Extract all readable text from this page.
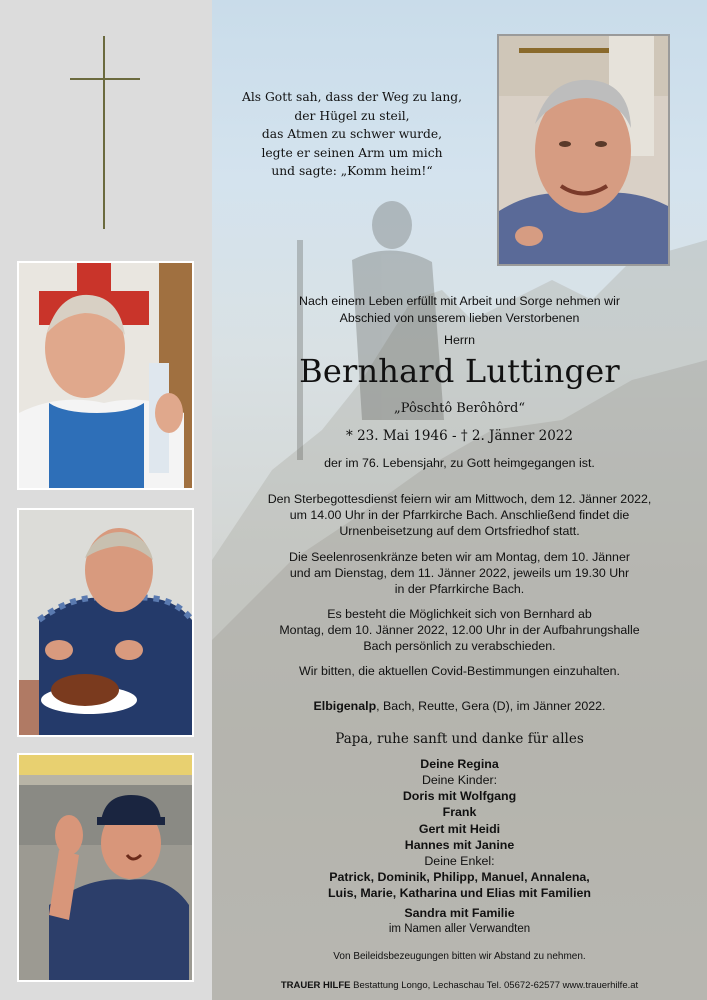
Als Gott sah, dass der Weg zu lang,
der Hügel zu steil,
das Atmen zu schwer wurde,
legte er seinen Arm um mich
und sagte: „Komm heim!“
Nach einem Leben erfüllt mit Arbeit und Sorge nehmen wir
Abschied von unserem lieben Verstorbenen
Herrn
Bernhard Luttinger
„Pôschtô Berôhôrd“
* 23. Mai 1946 - † 2. Jänner 2022
der im 76. Lebensjahr, zu Gott heimgegangen ist.
Den Sterbegottesdienst feiern wir am Mittwoch, dem 12. Jänner 2022,
um 14.00 Uhr in der Pfarrkirche Bach. Anschließend findet die
Urnenbeisetzung auf dem Ortsfriedhof statt.
Die Seelenrosenkränze beten wir am Montag, dem 10. Jänner
und am Dienstag, dem 11. Jänner 2022, jeweils um 19.30 Uhr
in der Pfarrkirche Bach.
Es besteht die Möglichkeit sich von Bernhard ab
Montag, dem 10. Jänner 2022, 12.00 Uhr in der Aufbahrungshalle
Bach persönlich zu verabschieden.
Wir bitten, die aktuellen Covid-Bestimmungen einzuhalten.
Elbigenalp, Bach, Reutte, Gera (D), im Jänner 2022.
Papa, ruhe sanft und danke für alles
Deine Regina
Deine Kinder:
Doris mit Wolfgang
Frank
Gert mit Heidi
Hannes mit Janine
Deine Enkel:
Patrick, Dominik, Philipp, Manuel, Annalena,
Luis, Marie, Katharina und Elias mit Familien
Sandra mit Familie
im Namen aller Verwandten
Von Beileidsbezeugungen bitten wir Abstand zu nehmen.
TRAUER HILFE Bestattung Longo, Lechaschau Tel. 05672-62577 www.trauerhilfe.at
